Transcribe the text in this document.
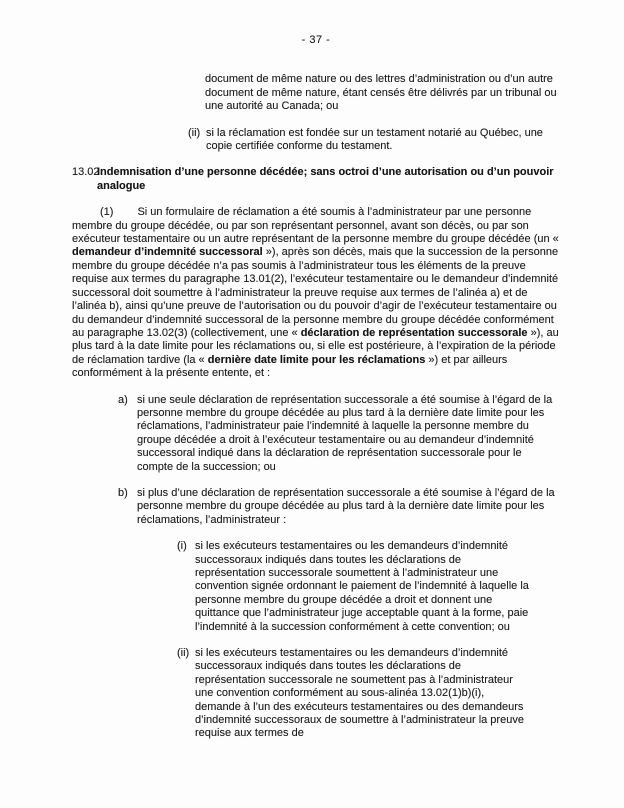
- 37 -
document de même nature ou des lettres d’administration ou d’un autre document de même nature, étant censés être délivrés par un tribunal ou une autorité au Canada; ou
(ii) si la réclamation est fondée sur un testament notarié au Québec, une copie certifiée conforme du testament.
13.02
Indemnisation d’une personne décédée; sans octroi d’une autorisation ou d’un pouvoir analogue

(1) Si un formulaire de réclamation a été soumis à l’administrateur par une personne membre du groupe décédée, ou par son représentant personnel, avant son décès, ou par son exécuteur testamentaire ou un autre représentant de la personne membre du groupe décédée (un « demandeur d’indemnité successoral »), après son décès, mais que la succession de la personne membre du groupe décédée n’a pas soumis à l’administrateur tous les éléments de la preuve requise aux termes du paragraphe 13.01(2), l’exécuteur testamentaire ou le demandeur d’indemnité successoral doit soumettre à l’administrateur la preuve requise aux termes de l’alinéa a) et de l’alinéa b), ainsi qu’une preuve de l’autorisation ou du pouvoir d’agir de l’exécuteur testamentaire ou du demandeur d’indemnité successoral de la personne membre du groupe décédée conformément au paragraphe 13.02(3) (collectivement, une « déclaration de représentation successorale »), au plus tard à la date limite pour les réclamations ou, si elle est postérieure, à l’expiration de la période de réclamation tardive (la « dernière date limite pour les réclamations ») et par ailleurs conformément à la présente entente, et :

a) si une seule déclaration de représentation successorale a été soumise à l’égard de la personne membre du groupe décédée au plus tard à la dernière date limite pour les réclamations, l’administrateur paie l’indemnité à laquelle la personne membre du groupe décédée a droit à l’exécuteur testamentaire ou au demandeur d’indemnité successoral indiqué dans la déclaration de représentation successorale pour le compte de la succession; ou
b) si plus d’une déclaration de représentation successorale a été soumise à l’égard de la personne membre du groupe décédée au plus tard à la dernière date limite pour les réclamations, l’administrateur :
(i) si les exécuteurs testamentaires ou les demandeurs d’indemnité successoraux indiqués dans toutes les déclarations de représentation successorale soumettent à l’administrateur une convention signée ordonnant le paiement de l’indemnité à laquelle la personne membre du groupe décédée a droit et donnent une quittance que l’administrateur juge acceptable quant à la forme, paie l’indemnité à la succession conformément à cette convention; ou
(ii) si les exécuteurs testamentaires ou les demandeurs d’indemnité successoraux indiqués dans toutes les déclarations de représentation successorale ne soumettent pas à l’administrateur une convention conformément au sous-alinéa 13.02(1)b)(i), demande à l’un des exécuteurs testamentaires ou des demandeurs d’indemnité successoraux de soumettre à l’administrateur la preuve requise aux termes de
